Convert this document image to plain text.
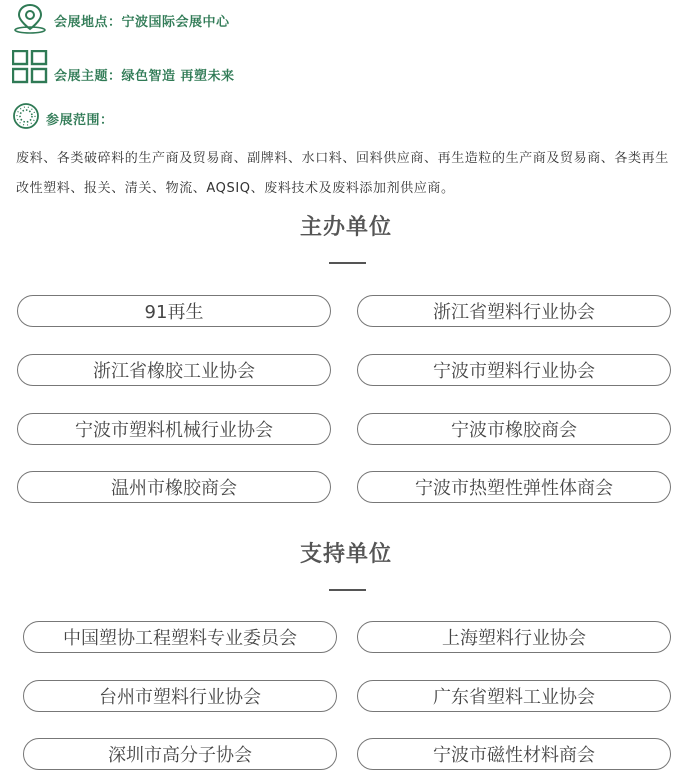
会展地点：宁波国际会展中心
会展主题：绿色智造 再塑未来
参展范围：
废料、各类破碎料的生产商及贸易商、副牌料、水口料、回料供应商、再生造粒的生产商及贸易商、各类再生改性塑料、报关、清关、物流、AQSIQ、废料技术及废料添加剂供应商。
主办单位
91再生	浙江省塑料行业协会
浙江省橡胶工业协会	宁波市塑料行业协会
宁波市塑料机械行业协会	宁波市橡胶商会
温州市橡胶商会	宁波市热塑性弹性体商会
支持单位
中国塑协工程塑料专业委员会	上海塑料行业协会
台州市塑料行业协会	广东省塑料工业协会
深圳市高分子协会	宁波市磁性材料商会
